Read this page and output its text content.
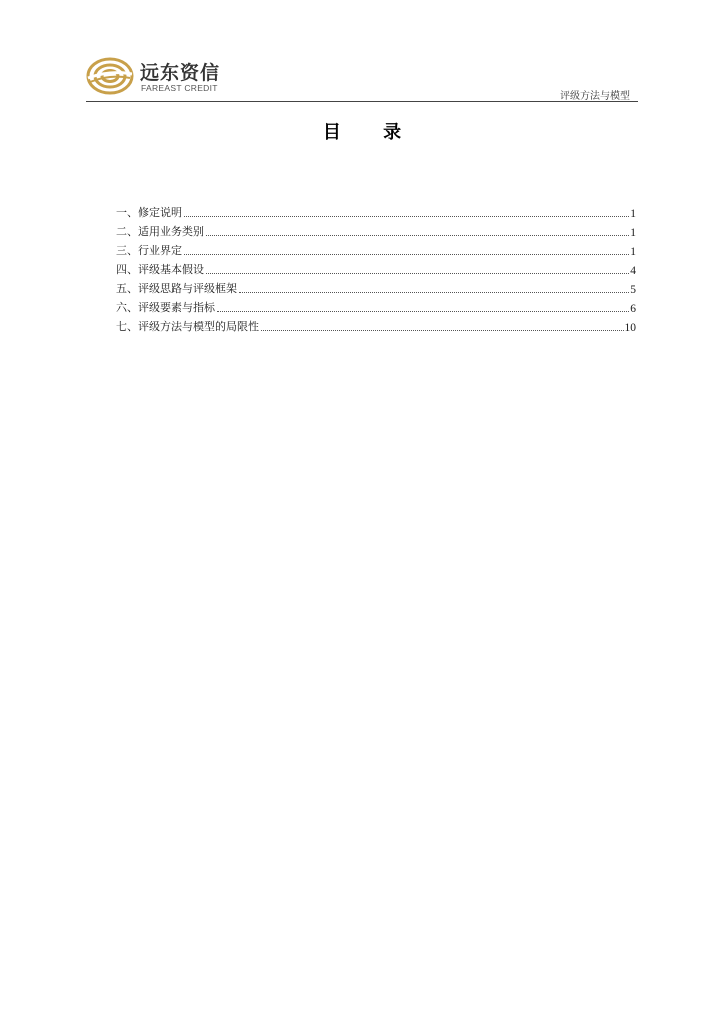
远东资信
FAREAST CREDIT
评级方法与模型
目 录
一、修定说明	1
二、适用业务类别	1
三、行业界定	1
四、评级基本假设	4
五、评级思路与评级框架	5
六、评级要素与指标	6
七、评级方法与模型的局限性	10
